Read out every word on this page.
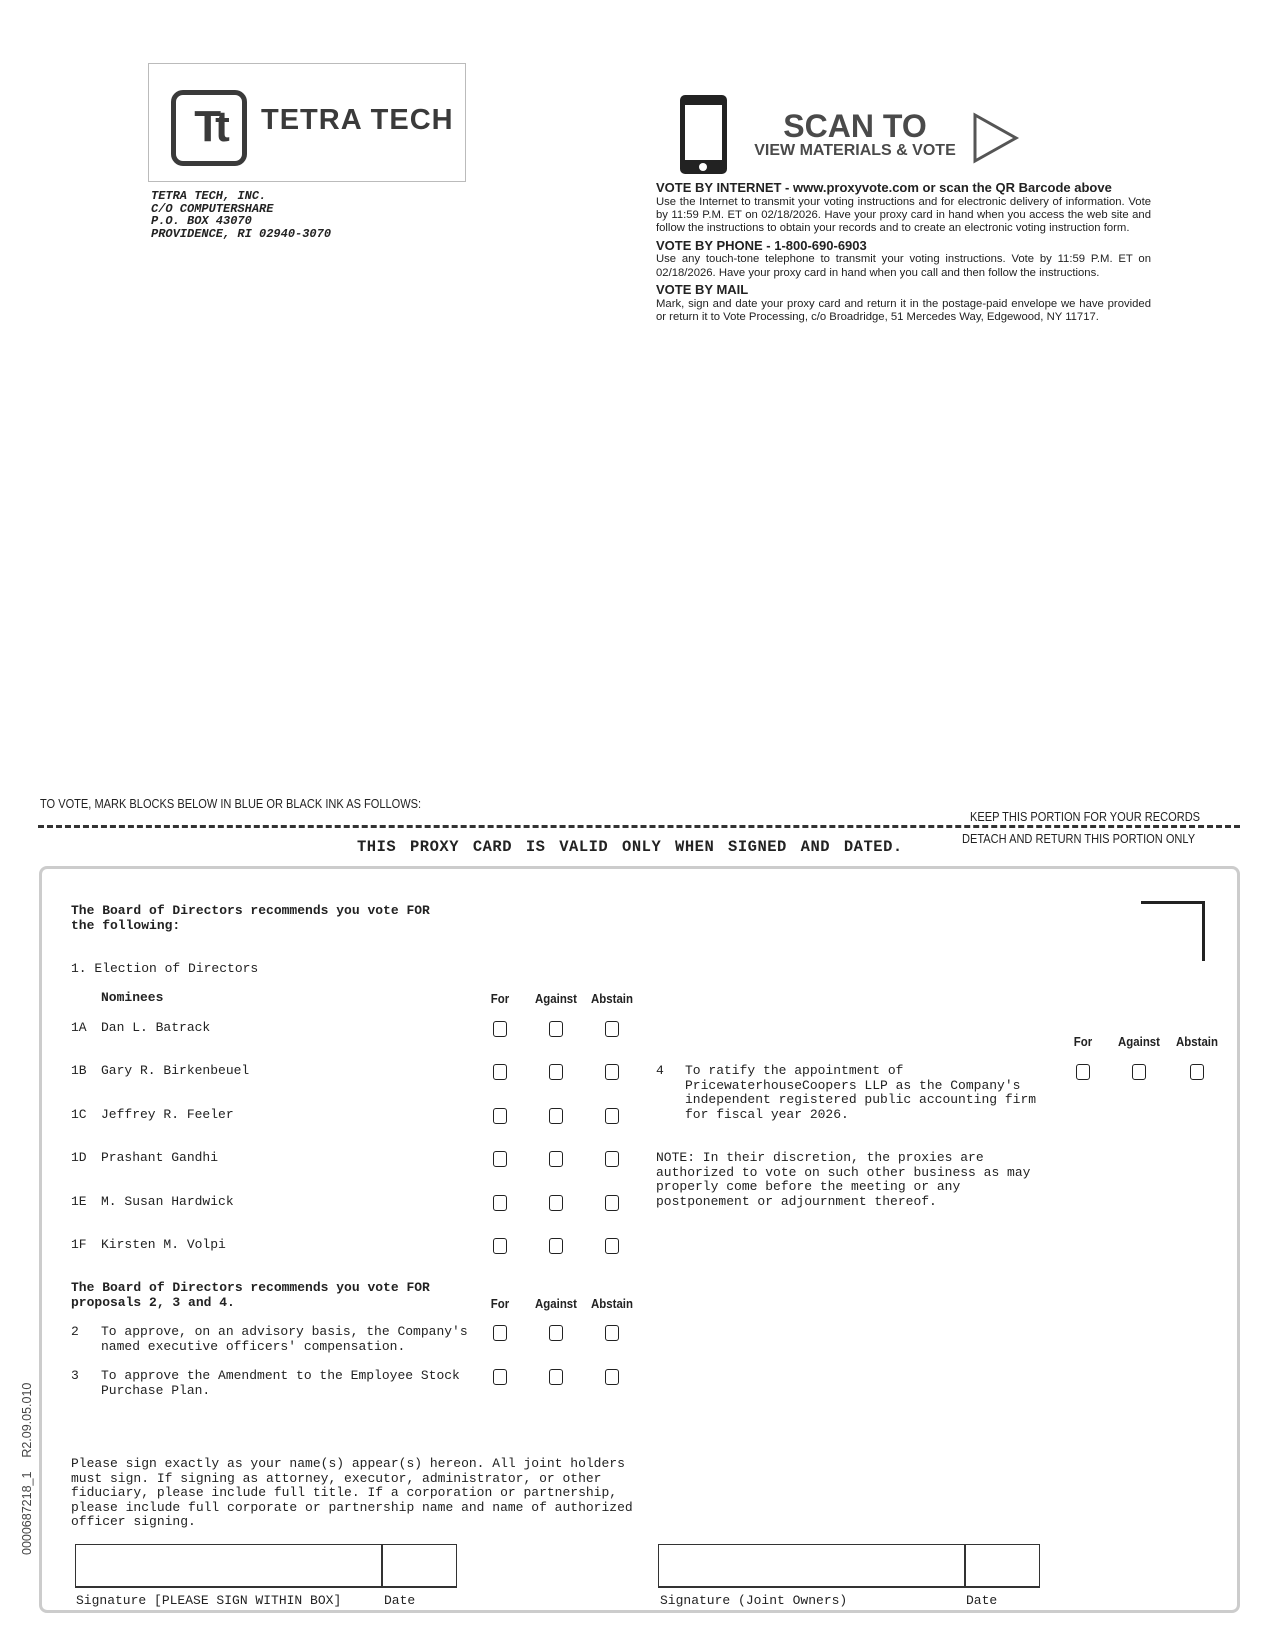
Tt	TETRA TECH
TETRA TECH, INC.
C/O COMPUTERSHARE
P.O. BOX 43070
PROVIDENCE, RI 02940-3070
SCAN TO
VIEW MATERIALS & VOTE
VOTE BY INTERNET - www.proxyvote.com or scan the QR Barcode above

Use the Internet to transmit your voting instructions and for electronic delivery of information. Vote by 11:59 P.M. ET on 02/18/2026. Have your proxy card in hand when you access the web site and follow the instructions to obtain your records and to create an electronic voting instruction form.

VOTE BY PHONE - 1-800-690-6903

Use any touch-tone telephone to transmit your voting instructions. Vote by 11:59 P.M. ET on 02/18/2026. Have your proxy card in hand when you call and then follow the instructions.

VOTE BY MAIL

Mark, sign and date your proxy card and return it in the postage-paid envelope we have provided or return it to Vote Processing, c/o Broadridge, 51 Mercedes Way, Edgewood, NY 11717.

TO VOTE, MARK BLOCKS BELOW IN BLUE OR BLACK INK AS FOLLOWS:
KEEP THIS PORTION FOR YOUR RECORDS
DETACH AND RETURN THIS PORTION ONLY
THIS PROXY CARD IS VALID ONLY WHEN SIGNED AND DATED.
The Board of Directors recommends you vote FOR
the following:
1. Election of Directors
Nominees
The Board of Directors recommends you vote FOR
proposals 2, 3 and 4.
4 To ratify the appointment of
PricewaterhouseCoopers LLP as the Company's
independent registered public accounting firm
for fiscal year 2026.
NOTE: In their discretion, the proxies are
authorized to vote on such other business as may
properly come before the meeting or any
postponement or adjournment thereof.
Please sign exactly as your name(s) appear(s) hereon. All joint holders
must sign. If signing as attorney, executor, administrator, or other
fiduciary, please include full title. If a corporation or partnership,
please include full corporate or partnership name and name of authorized
officer signing.
Signature [PLEASE SIGN WITHIN BOX]	Date	Signature (Joint Owners)	Date
0000687218_1    R2.09.05.010
For Against Abstain
1A Dan L. Batrack
1B Gary R. Birkenbeuel
1C Jeffrey R. Feeler
1D Prashant Gandhi
1E M. Susan Hardwick
1F Kirsten M. Volpi
For Against Abstain
2 To approve, on an advisory basis, the Company's
named executive officers' compensation.
3 To approve the Amendment to the Employee Stock
Purchase Plan.
For Against Abstain
